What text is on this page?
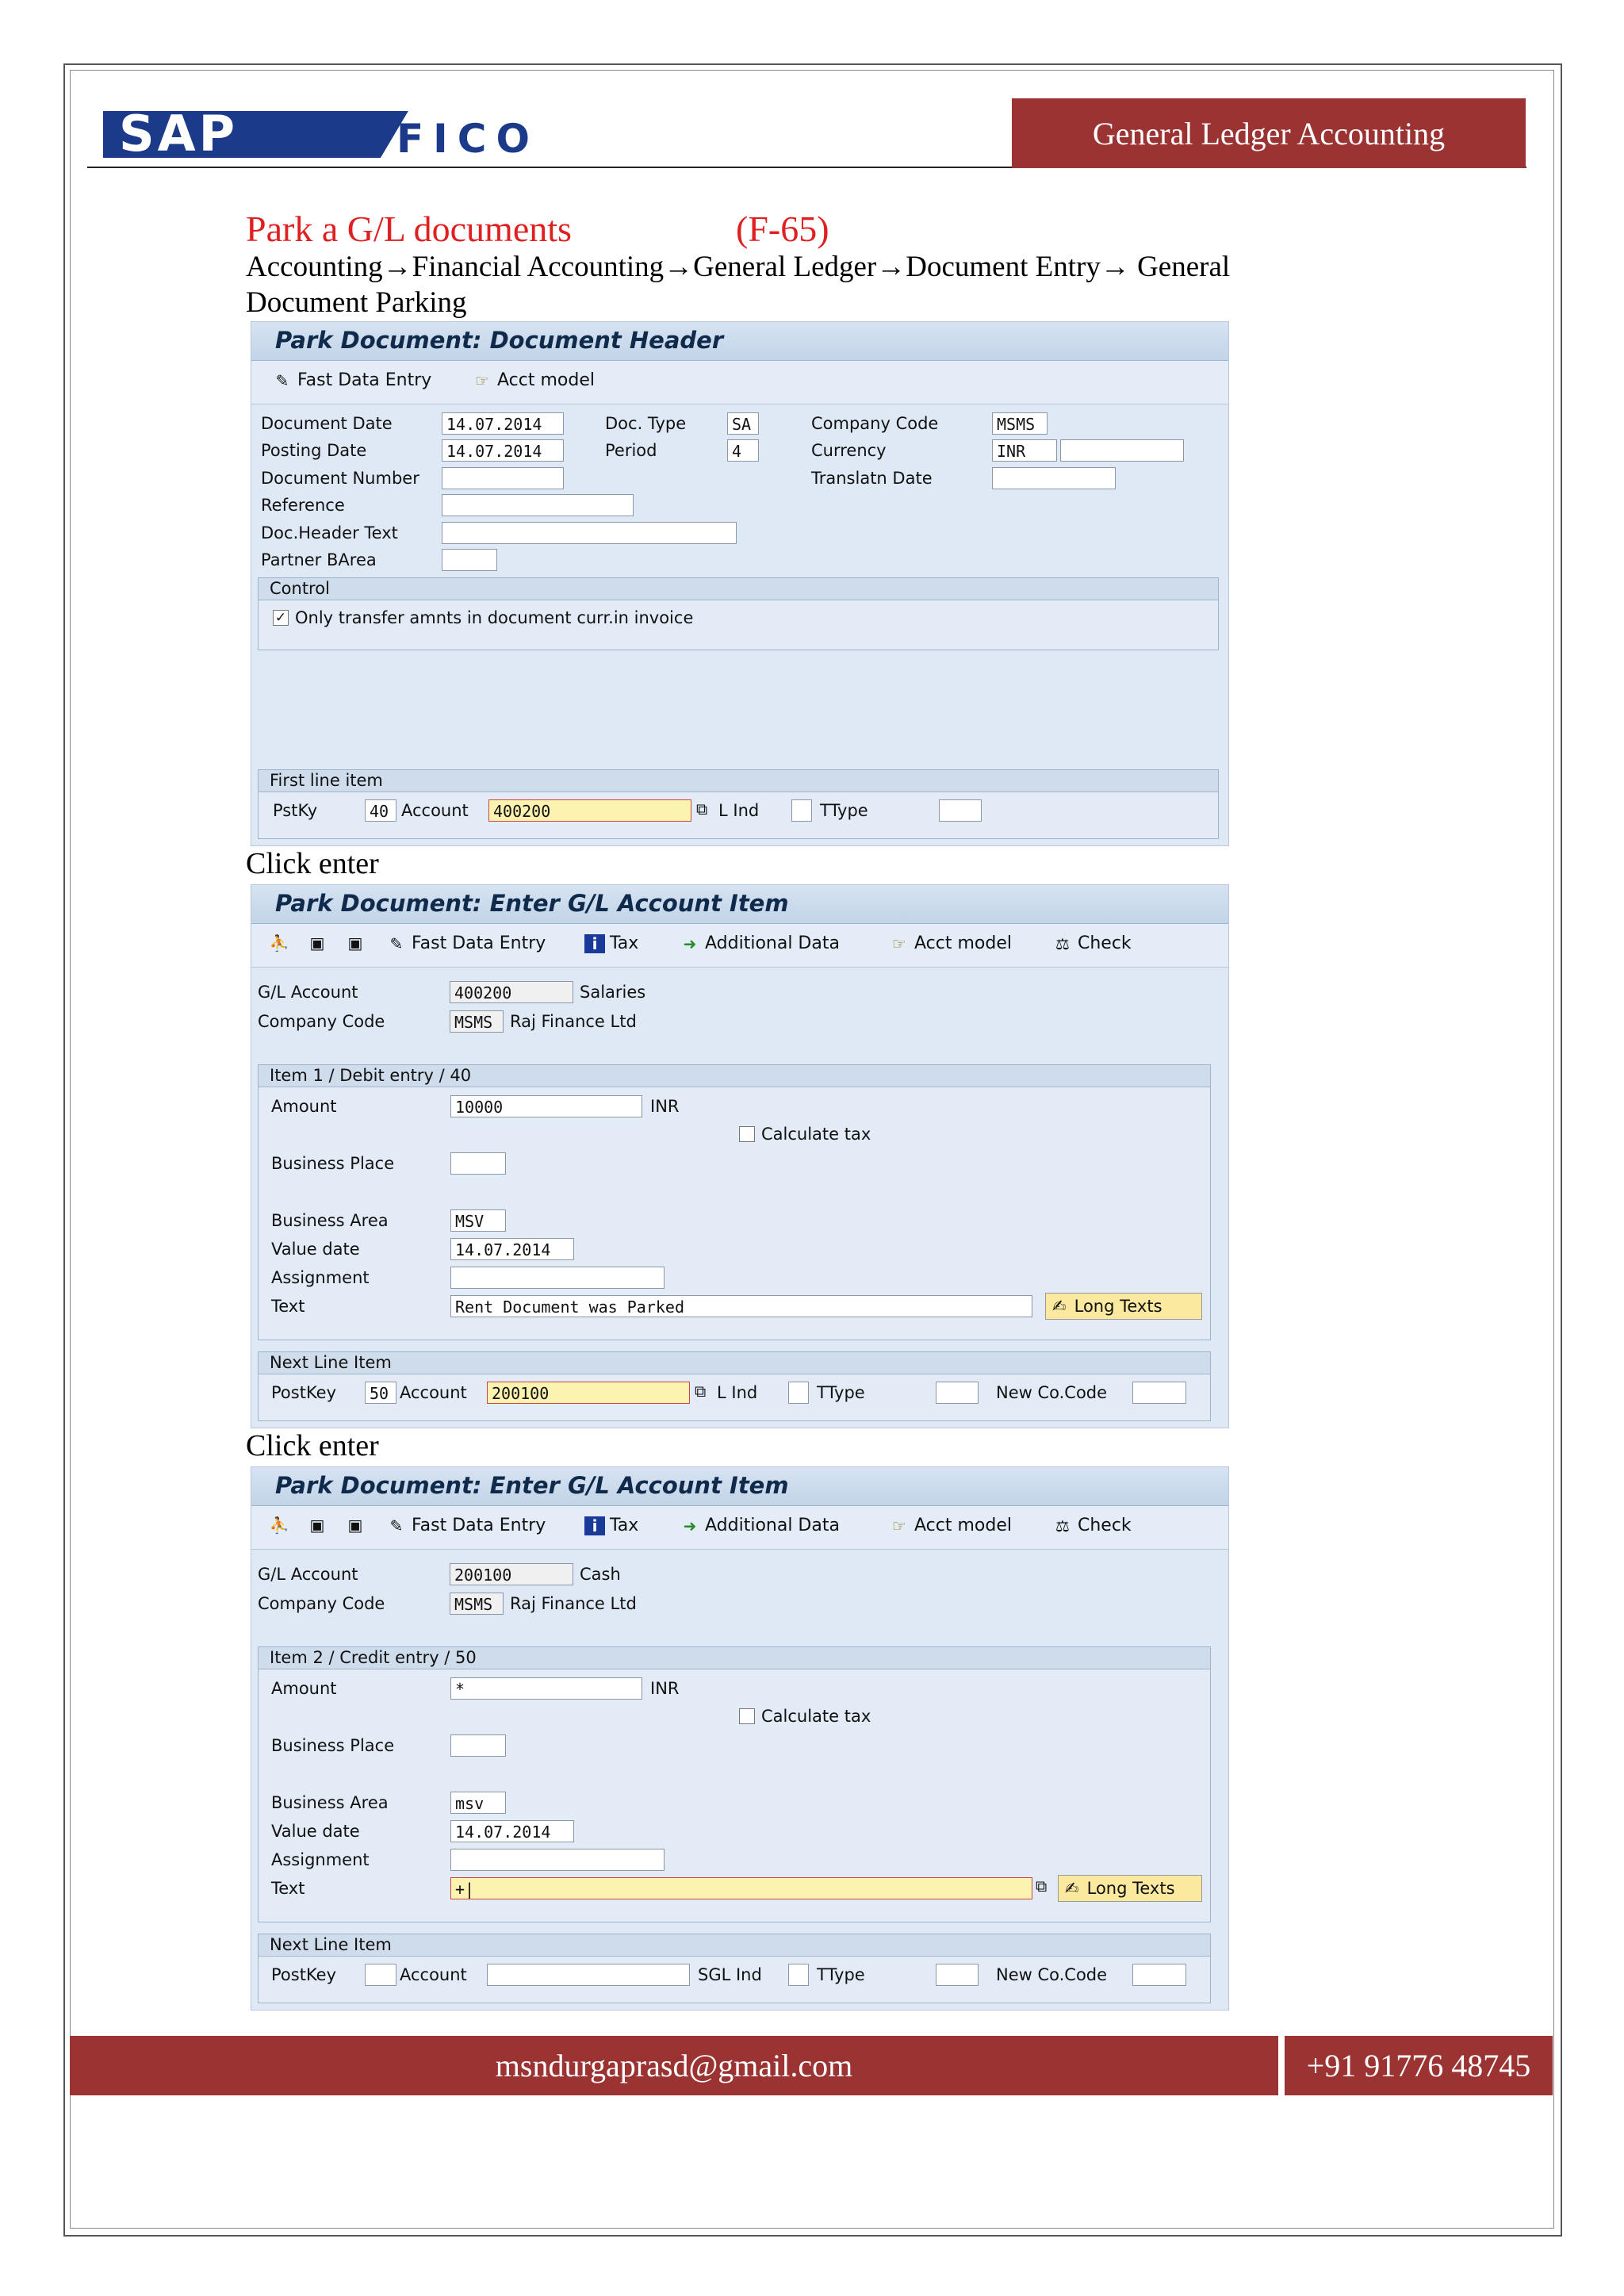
SAP	FICO	General Ledger Accounting
Park a G/L documents	(F-65)
Accounting→Financial Accounting→General Ledger→Document Entry→ General Document Parking
Park Document: Document Header
✎ Fast Data Entry	☞ Acct model
Document Date	14.07.2014
Posting Date	14.07.2014
Document Number
Reference
Doc.Header Text
Partner BArea
Doc. Type	SA
Period	4
Company Code	MSMS
Currency	INR
Translatn Date
Control
✓ Only transfer amnts in document curr.in invoice
First line item
PstKy	40 Account	400200	⧉ L Ind	TType
Click enter
Park Document: Enter G/L Account Item
⛹ ▣ ▣ ✎ Fast Data Entry	i Tax	➜ Additional Data	☞ Acct model	⚖ Check
G/L Account	400200	Salaries
Company Code	MSMS	Raj Finance Ltd
Item 1 / Debit entry / 40
Amount	10000	INR
Calculate tax
Business Place
Business Area	MSV
Value date	14.07.2014
Assignment
Text	Rent Document was Parked	✍ Long Texts
Next Line Item
PostKey	50 Account	200100	⧉ L Ind	TType	New Co.Code
Click enter
Park Document: Enter G/L Account Item
⛹ ▣ ▣ ✎ Fast Data Entry	i Tax	➜ Additional Data	☞ Acct model	⚖ Check
G/L Account	200100	Cash
Company Code	MSMS	Raj Finance Ltd
Item 2 / Credit entry / 50
Amount	*	INR
Calculate tax
Business Place
Business Area	msv
Value date	14.07.2014
Assignment
Text	+|	⧉ ✍ Long Texts
Next Line Item
PostKey	Account	SGL Ind	TType	New Co.Code
msndurgaprasd@gmail.com	+91 91776 48745
